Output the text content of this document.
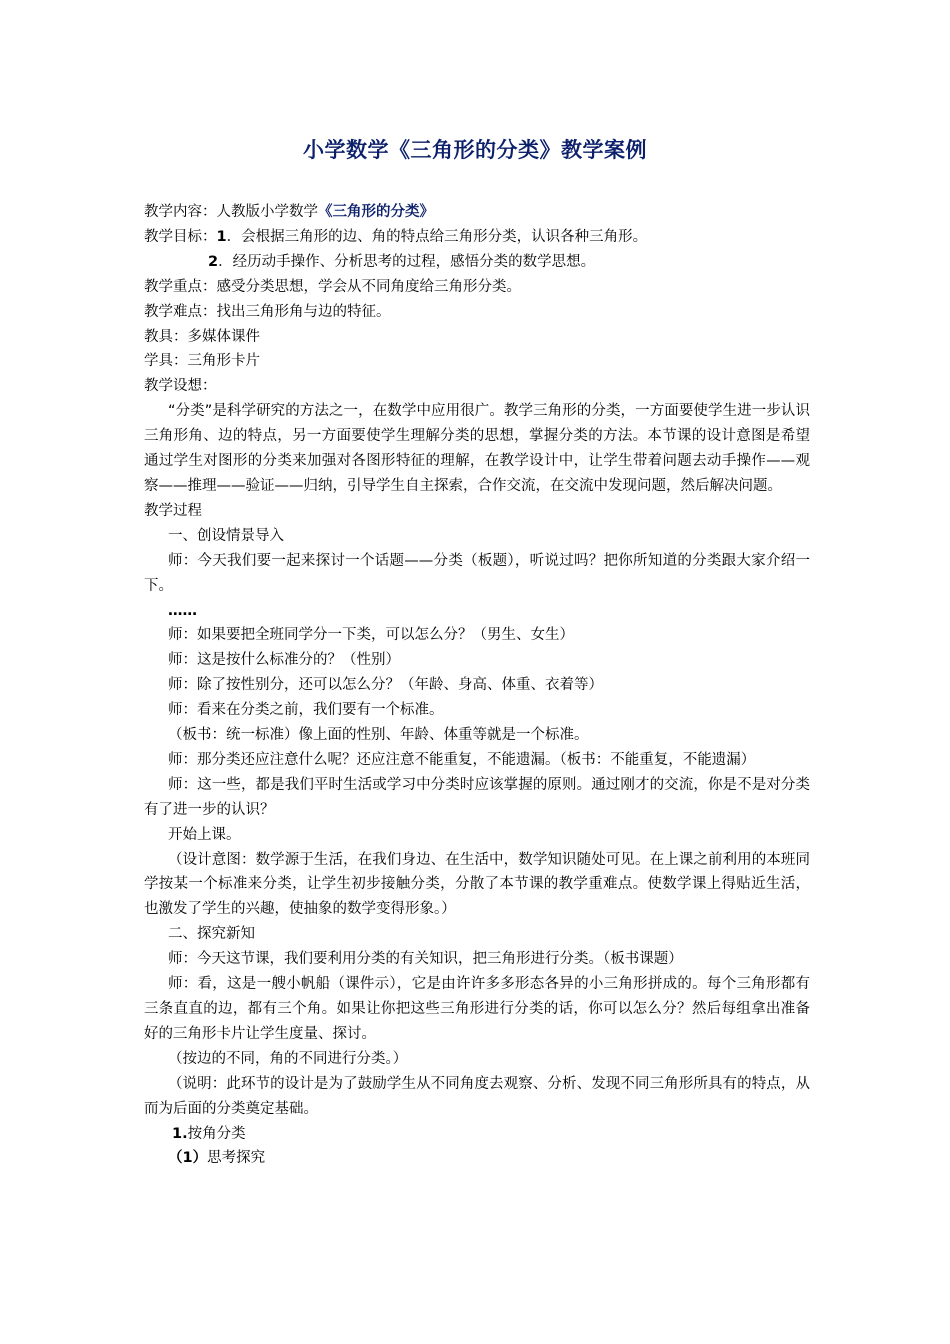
小学数学《三角形的分类》教学案例
教学内容：人教版小学数学《三角形的分类》
教学目标：1．会根据三角形的边、角的特点给三角形分类，认识各种三角形。
2．经历动手操作、分析思考的过程，感悟分类的数学思想。
教学重点：感受分类思想，学会从不同角度给三角形分类。
教学难点：找出三角形角与边的特征。
教具：多媒体课件
学具：三角形卡片
教学设想：
“分类”是科学研究的方法之一，在数学中应用很广。教学三角形的分类，一方面要使学生进一步认识三角形角、边的特点，另一方面要使学生理解分类的思想，掌握分类的方法。本节课的设计意图是希望通过学生对图形的分类来加强对各图形特征的理解，在教学设计中，让学生带着问题去动手操作——观察——推理——验证——归纳，引导学生自主探索，合作交流，在交流中发现问题，然后解决问题。
教学过程
一、创设情景导入
师：今天我们要一起来探讨一个话题——分类（板题），听说过吗？把你所知道的分类跟大家介绍一下。
……
师：如果要把全班同学分一下类，可以怎么分？（男生、女生）
师：这是按什么标准分的？（性别）
师：除了按性别分，还可以怎么分？（年龄、身高、体重、衣着等）
师：看来在分类之前，我们要有一个标准。
（板书：统一标准）像上面的性别、年龄、体重等就是一个标准。
师：那分类还应注意什么呢？还应注意不能重复，不能遗漏。（板书：不能重复，不能遗漏）
师：这一些，都是我们平时生活或学习中分类时应该掌握的原则。通过刚才的交流，你是不是对分类有了进一步的认识？
开始上课。
（设计意图：数学源于生活，在我们身边、在生活中，数学知识随处可见。在上课之前利用的本班同学按某一个标准来分类，让学生初步接触分类，分散了本节课的教学重难点。使数学课上得贴近生活，也激发了学生的兴趣，使抽象的数学变得形象。）
二、探究新知
师：今天这节课，我们要利用分类的有关知识，把三角形进行分类。（板书课题）
师：看，这是一艘小帆船（课件示），它是由许许多多形态各异的小三角形拼成的。每个三角形都有三条直直的边，都有三个角。如果让你把这些三角形进行分类的话，你可以怎么分？然后每组拿出准备好的三角形卡片让学生度量、探讨。
（按边的不同，角的不同进行分类。）
（说明：此环节的设计是为了鼓励学生从不同角度去观察、分析、发现不同三角形所具有的特点，从而为后面的分类奠定基础。
1.按角分类
（1）思考探究
